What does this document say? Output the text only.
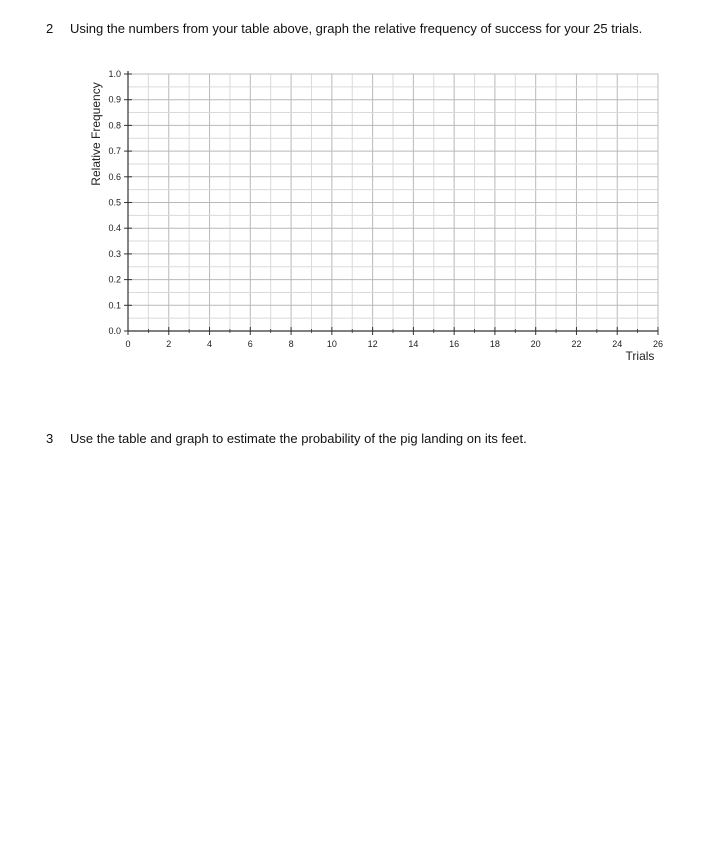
2 Using the numbers from your table above, graph the relative frequency of success for your 25 trials.
0.0
0.1
0.2
0.3
0.4
0.5
0.6
0.7
0.8
0.9
1.0
0	2	4	6	8	10	12	14	16	18	20	22	24	26
Relative Frequency
Trials
3 Use the table and graph to estimate the probability of the pig landing on its feet.
